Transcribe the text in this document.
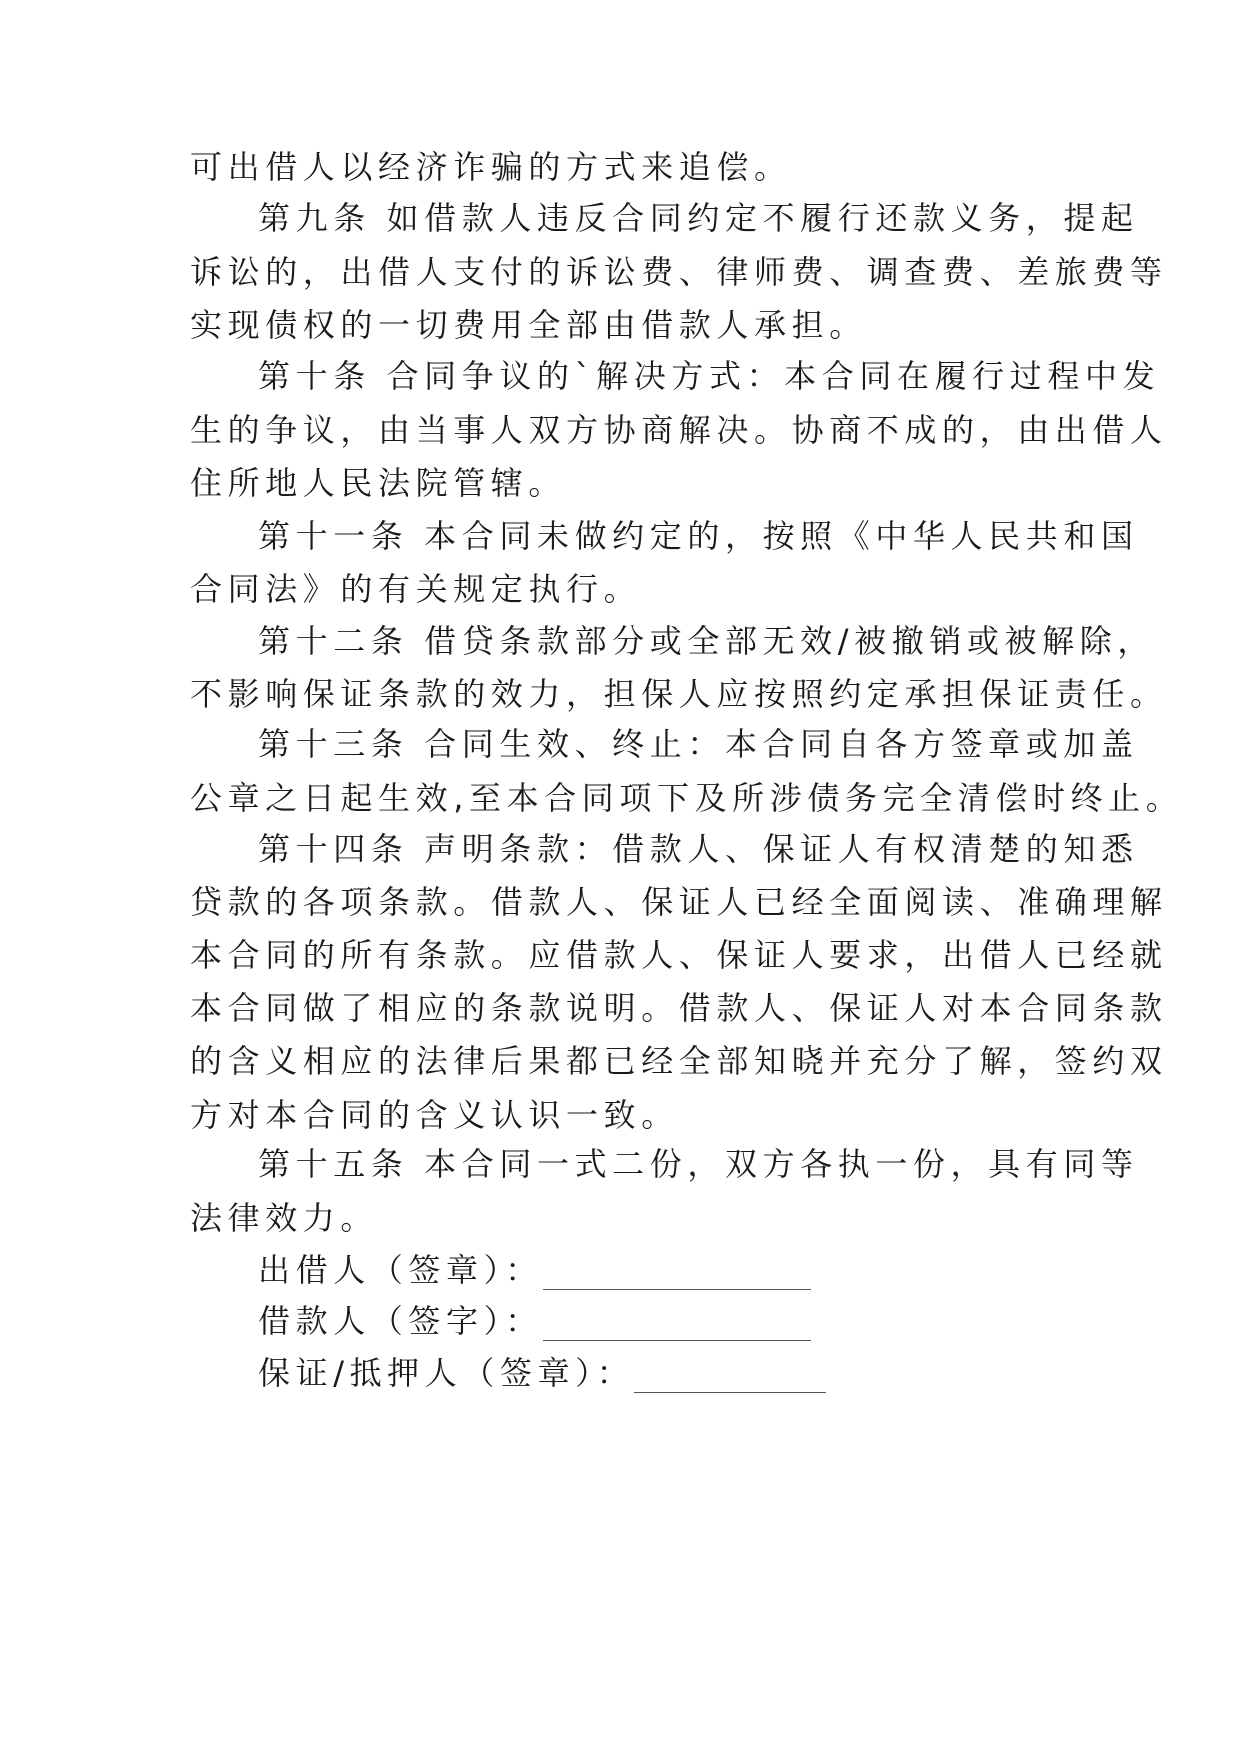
可出借人以经济诈骗的方式来追偿。

第九条 如借款人违反合同约定不履行还款义务，提起

诉讼的，出借人支付的诉讼费、律师费、调查费、差旅费等

实现债权的一切费用全部由借款人承担。

第十条 合同争议的`解决方式：本合同在履行过程中发

生的争议，由当事人双方协商解决。协商不成的，由出借人

住所地人民法院管辖。

第十一条 本合同未做约定的，按照《中华人民共和国

合同法》的有关规定执行。

第十二条 借贷条款部分或全部无效/被撤销或被解除，

不影响保证条款的效力，担保人应按照约定承担保证责任。

第十三条 合同生效、终止：本合同自各方签章或加盖

公章之日起生效,至本合同项下及所涉债务完全清偿时终止。

第十四条 声明条款：借款人、保证人有权清楚的知悉

贷款的各项条款。借款人、保证人已经全面阅读、准确理解

本合同的所有条款。应借款人、保证人要求，出借人已经就

本合同做了相应的条款说明。借款人、保证人对本合同条款

的含义相应的法律后果都已经全部知晓并充分了解，签约双

方对本合同的含义认识一致。

第十五条 本合同一式二份，双方各执一份，具有同等

法律效力。

出借人（签章）：
借款人（签字）：
保证/抵押人（签章）：
